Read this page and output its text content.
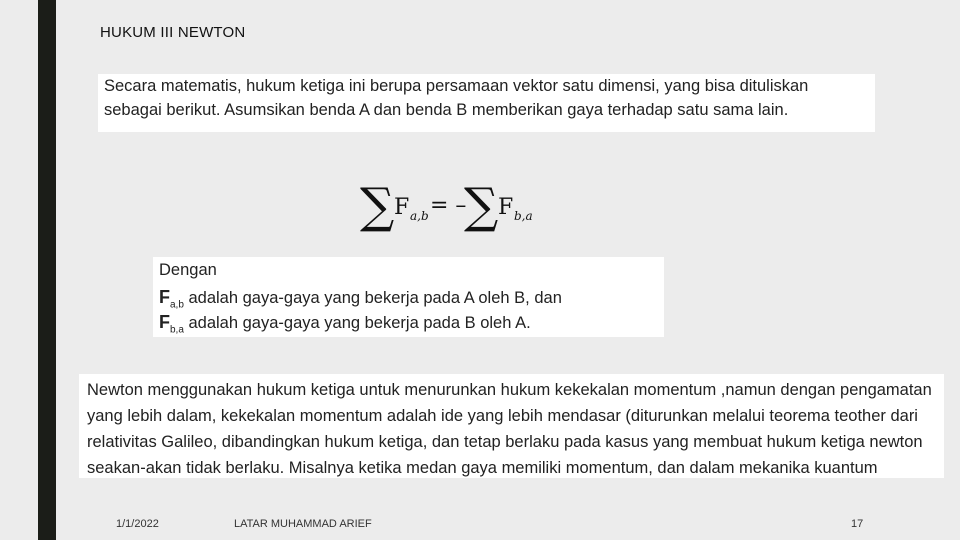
HUKUM III NEWTON

Secara matematis, hukum ketiga ini berupa persamaan vektor satu dimensi, yang bisa dituliskan sebagai berikut. Asumsikan benda A dan benda B memberikan gaya terhadap satu sama lain.

∑ F a,b = –
∑ F b,a
Dengan
$F_{a,b}$ adalah gaya-gaya yang bekerja pada A oleh B, dan
$F_{b,a}$ adalah gaya-gaya yang bekerja pada B oleh A.

Newton menggunakan hukum ketiga untuk menurunkan hukum kekekalan momentum ,namun dengan pengamatan yang lebih dalam, kekekalan momentum adalah ide yang lebih mendasar (diturunkan melalui teorema teother dari relativitas Galileo, dibandingkan hukum ketiga, dan tetap berlaku pada kasus yang membuat hukum ketiga newton seakan-akan tidak berlaku. Misalnya ketika medan gaya memiliki momentum, dan dalam mekanika kuantum

1/1/2022	LATAR MUHAMMAD ARIEF	17
